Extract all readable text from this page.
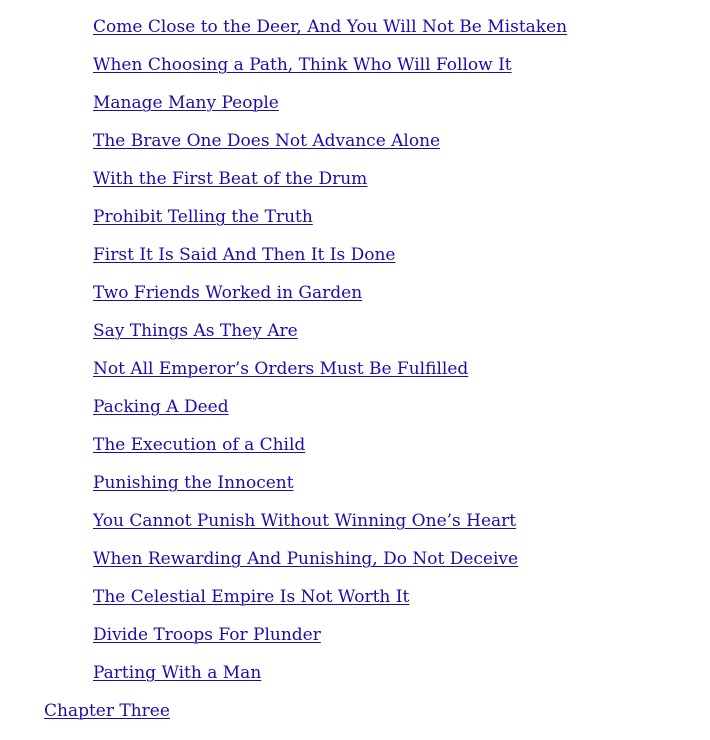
Come Close to the Deer, And You Will Not Be Mistaken
When Choosing a Path, Think Who Will Follow It
Manage Many People
The Brave One Does Not Advance Alone
With the First Beat of the Drum
Prohibit Telling the Truth
First It Is Said And Then It Is Done
Two Friends Worked in Garden
Say Things As They Are
Not All Emperor’s Orders Must Be Fulfilled
Packing A Deed
The Execution of a Child
Punishing the Innocent
You Cannot Punish Without Winning One’s Heart
When Rewarding And Punishing, Do Not Deceive
The Celestial Empire Is Not Worth It
Divide Troops For Plunder
Parting With a Man
Chapter Three
